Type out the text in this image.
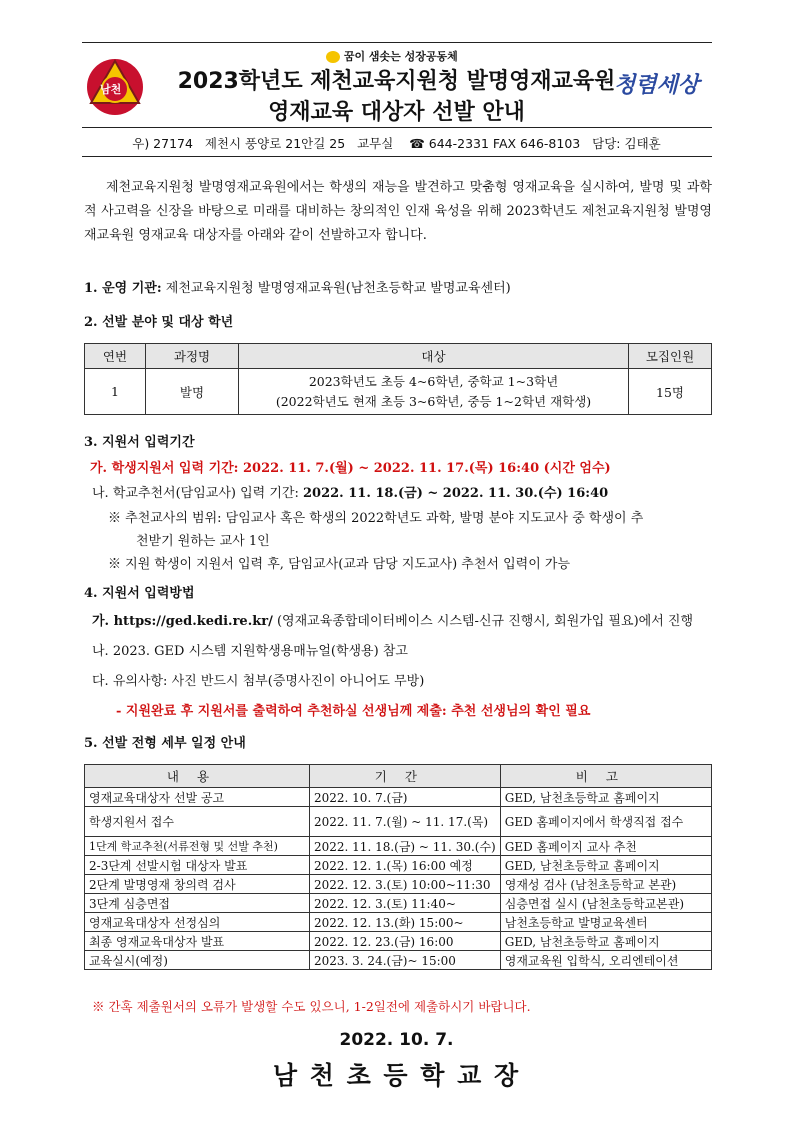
남천
꿈이 샘솟는 성장공동체
2023학년도 제천교육지원청 발명영재교육원
영재교육 대상자 선발 안내
청렴세상
우) 27174   제천시 풍양로 21안길 25   교무실    ☎ 644-2331 FAX 646-8103   담당: 김태훈
제천교육지원청 발명영재교육원에서는 학생의 재능을 발견하고 맞춤형 영재교육을 실시하여, 발명 및 과학적 사고력을 신장을 바탕으로 미래를 대비하는 창의적인 인재 육성을 위해 2023학년도 제천교육지원청 발명영재교육원 영재교육 대상자를 아래와 같이 선발하고자 합니다.
1. 운영 기관: 제천교육지원청 발명영재교육원(남천초등학교 발명교육센터)
2. 선발 분야 및 대상 학년
연번	과정명	대상	모집인원
1	발명	2023학년도 초등 4~6학년, 중학교 1~3학년
(2022학년도 현재 초등 3~6학년, 중등 1~2학년 재학생)	15명
3. 지원서 입력기간
가. 학생지원서 입력 기간: 2022. 11. 7.(월) ~ 2022. 11. 17.(목) 16:40 (시간 엄수)
나. 학교추천서(담임교사) 입력 기간: 2022. 11. 18.(금) ~ 2022. 11. 30.(수) 16:40
※ 추천교사의 범위: 담임교사 혹은 학생의 2022학년도 과학, 발명 분야 지도교사 중 학생이 추
천받기 원하는 교사 1인
※ 지원 학생이 지원서 입력 후, 담임교사(교과 담당 지도교사) 추천서 입력이 가능
4. 지원서 입력방법
가. https://ged.kedi.re.kr/ (영재교육종합데이터베이스 시스템-신규 진행시, 회원가입 필요)에서 진행
나. 2023. GED 시스템 지원학생용매뉴얼(학생용) 참고
다. 유의사항: 사진 반드시 첨부(증명사진이 아니어도 무방)
- 지원완료 후 지원서를 출력하여 추천하실 선생님께 제출: 추천 선생님의 확인 필요
5. 선발 전형 세부 일정 안내
내용	기간	비고
영재교육대상자 선발 공고	2022. 10. 7.(금)	GED, 남천초등학교 홈페이지
학생지원서 접수	2022. 11. 7.(월) ~ 11. 17.(목)	GED 홈페이지에서 학생직접 접수
1단계 학교추천(서류전형 및 선발 추천)	2022. 11. 18.(금) ~ 11. 30.(수)	GED 홈페이지 교사 추천
2-3단계 선발시험 대상자 발표	2022. 12. 1.(목) 16:00 예정	GED, 남천초등학교 홈페이지
2단계 발명영재 창의력 검사	2022. 12. 3.(토) 10:00~11:30	영재성 검사 (남천초등학교 본관)
3단계 심층면접	2022. 12. 3.(토) 11:40~	심층면접 실시 (남천초등학교본관)
영재교육대상자 선정심의	2022. 12. 13.(화) 15:00~	남천초등학교 발명교육센터
최종 영재교육대상자 발표	2022. 12. 23.(금) 16:00	GED, 남천초등학교 홈페이지
교육실시(예정)	2023. 3. 24.(금)~ 15:00	영재교육원 입학식, 오리엔테이션
※ 간혹 제출원서의 오류가 발생할 수도 있으니, 1-2일전에 제출하시기 바랍니다.
2022. 10. 7.
남 천 초 등 학 교 장
